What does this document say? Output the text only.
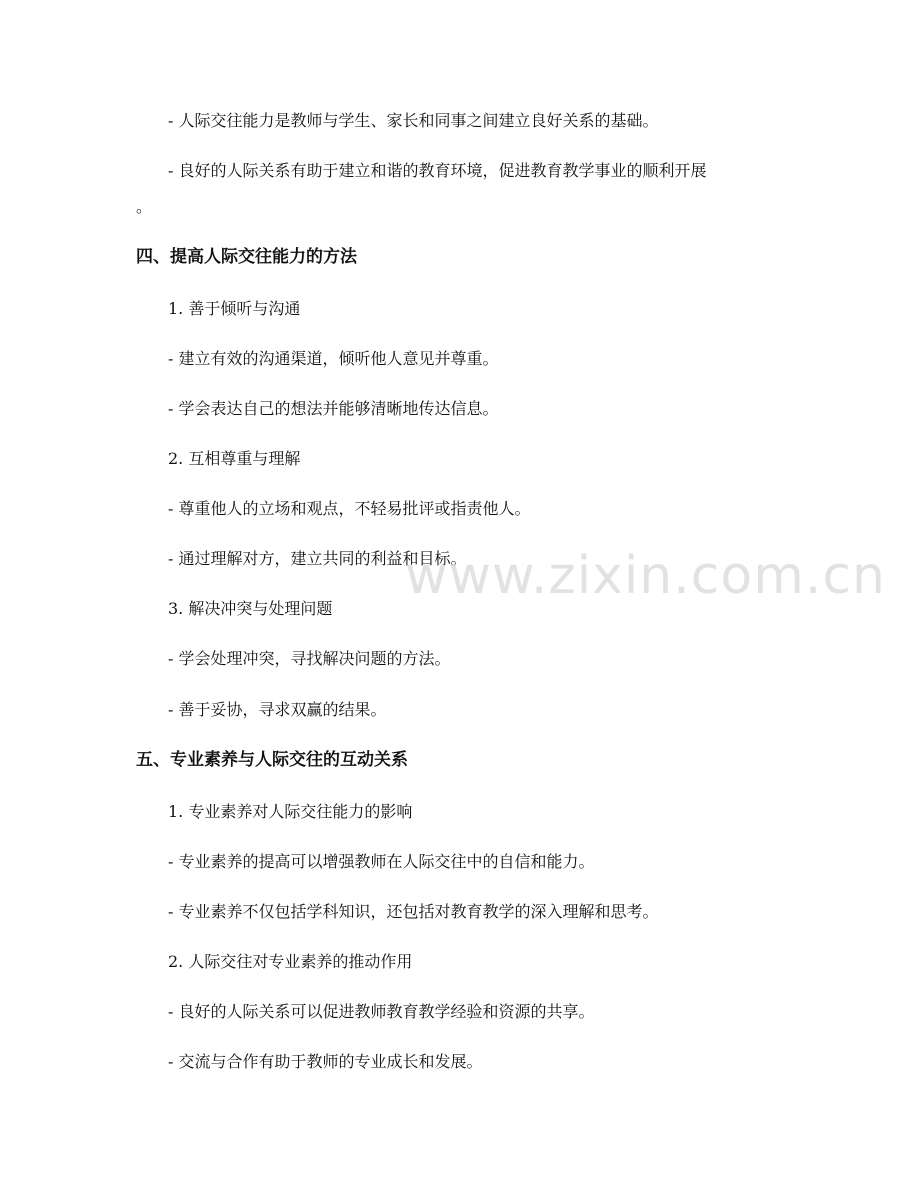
- 人际交往能力是教师与学生、家长和同事之间建立良好关系的基础。
- 良好的人际关系有助于建立和谐的教育环境，促进教育教学事业的顺利开展
。
四、提高人际交往能力的方法
1. 善于倾听与沟通
- 建立有效的沟通渠道，倾听他人意见并尊重。
- 学会表达自己的想法并能够清晰地传达信息。
2. 互相尊重与理解
- 尊重他人的立场和观点，不轻易批评或指责他人。
- 通过理解对方，建立共同的利益和目标。
3. 解决冲突与处理问题
- 学会处理冲突，寻找解决问题的方法。
- 善于妥协，寻求双赢的结果。
五、专业素养与人际交往的互动关系
1. 专业素养对人际交往能力的影响
- 专业素养的提高可以增强教师在人际交往中的自信和能力。
- 专业素养不仅包括学科知识，还包括对教育教学的深入理解和思考。
2. 人际交往对专业素养的推动作用
- 良好的人际关系可以促进教师教育教学经验和资源的共享。
- 交流与合作有助于教师的专业成长和发展。
www.zixin.com.cn
